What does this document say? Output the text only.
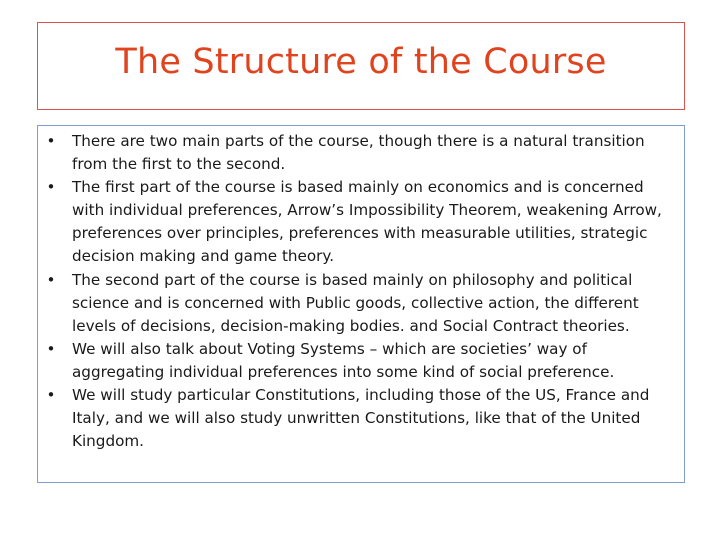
The Structure of the Course
• There are two main parts of the course, though there is a natural transition from the first to the second.
• The first part of the course is based mainly on economics and is concerned with individual preferences, Arrow’s Impossibility Theorem, weakening Arrow, preferences over principles, preferences with measurable utilities, strategic decision making and game theory.
• The second part of the course is based mainly on philosophy and political science and is concerned with Public goods, collective action, the different levels of decisions, decision-making bodies. and Social Contract theories.
• We will also talk about Voting Systems – which are societies’ way of aggregating individual preferences into some kind of social preference.
• We will study particular Constitutions, including those of the US, France and Italy, and we will also study unwritten Constitutions, like that of the United Kingdom.
